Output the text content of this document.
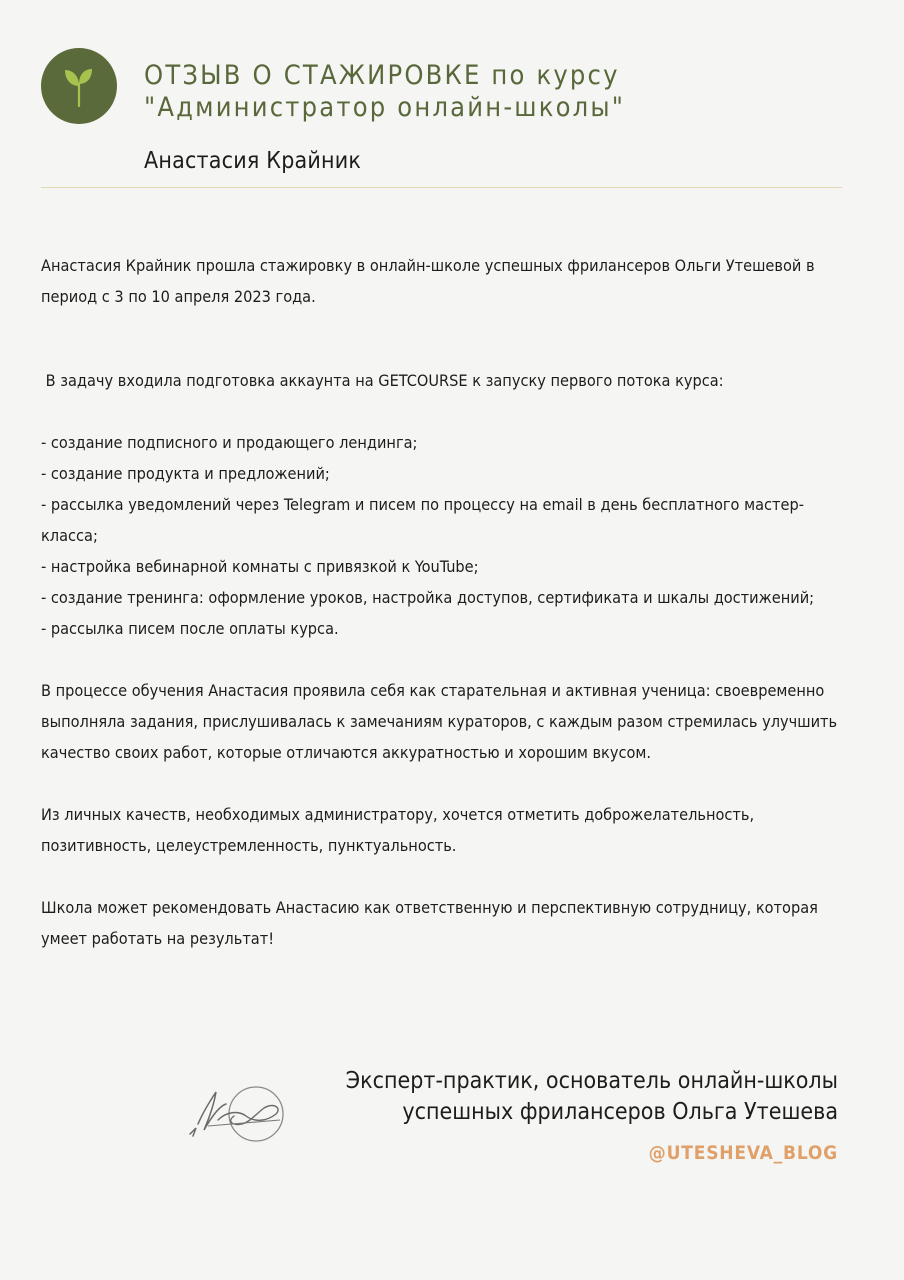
ОТЗЫВ О СТАЖИРОВКЕ по курсу "Администратор онлайн-школы"
Анастасия Крайник

Анастасия Крайник прошла стажировку в онлайн-школе успешных фрилансеров Ольги Утешевой в период с 3 по 10 апреля 2023 года.

В задачу входила подготовка аккаунта на GETCOURSE к запуску первого потока курса:

- создание подписного и продающего лендинга;

- создание продукта и предложений;

- рассылка уведомлений через Telegram и писем по процессу на email в день бесплатного мастер-класса;

- настройка вебинарной комнаты с привязкой к YouTube;

- создание тренинга: оформление уроков, настройка доступов, сертификата и шкалы достижений;

- рассылка писем после оплаты курса.

В процессе обучения Анастасия проявила себя как старательная и активная ученица: своевременно выполняла задания, прислушивалась к замечаниям кураторов, с каждым разом стремилась улучшить качество своих работ, которые отличаются аккуратностью и хорошим вкусом.

Из личных качеств, необходимых администратору, хочется отметить доброжелательность, позитивность, целеустремленность, пунктуальность.

Школа может рекомендовать Анастасию как ответственную и перспективную сотрудницу, которая умеет работать на результат!

Эксперт-практик, основатель онлайн-школы
успешных фрилансеров Ольга Утешева
@UTESHEVA_BLOG
